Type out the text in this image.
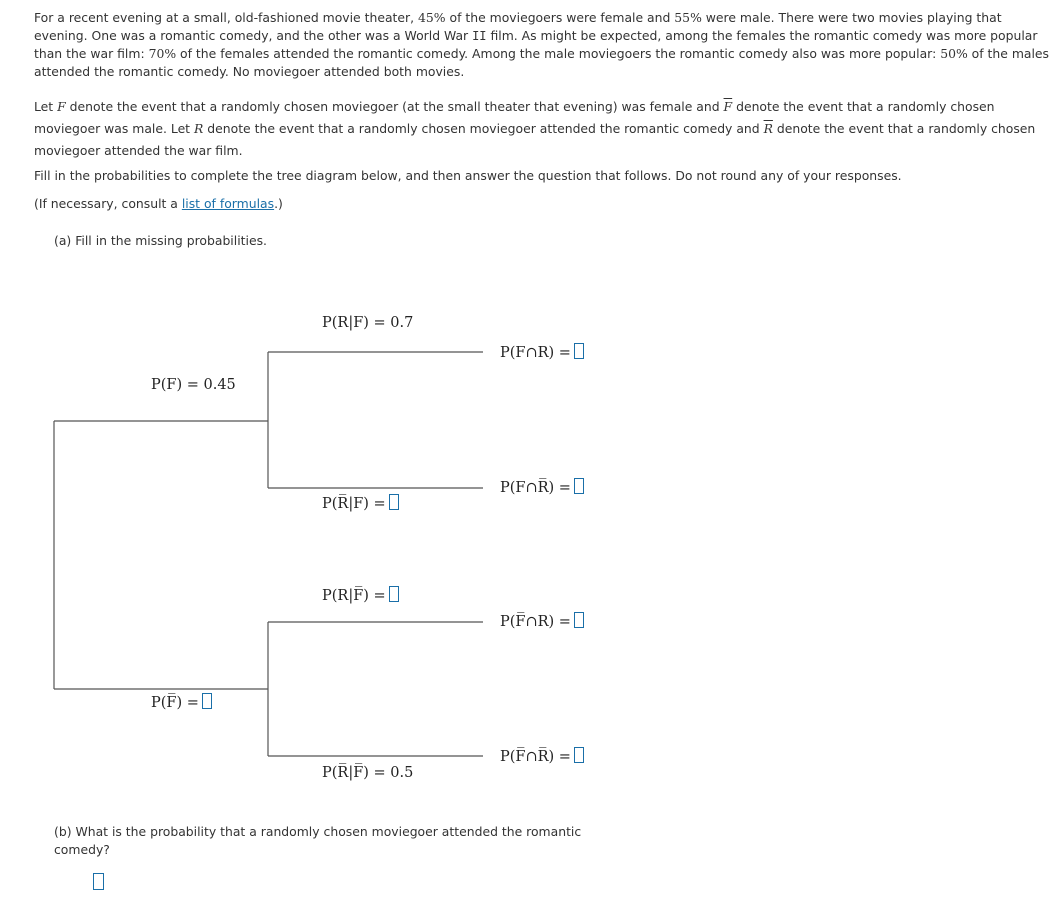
For a recent evening at a small, old-fashioned movie theater, 45% of the moviegoers were female and 55% were male. There were two movies playing that evening. One was a romantic comedy, and the other was a World War II film. As might be expected, among the females the romantic comedy was more popular than the war film: 70% of the females attended the romantic comedy. Among the male moviegoers the romantic comedy also was more popular: 50% of the males attended the romantic comedy. No moviegoer attended both movies.

Let F denote the event that a randomly chosen moviegoer (at the small theater that evening) was female and $\overline{F}$ denote the event that a randomly chosen moviegoer was male. Let R denote the event that a randomly chosen moviegoer attended the romantic comedy and $\overline{R}$ denote the event that a randomly chosen moviegoer attended the war film.

Fill in the probabilities to complete the tree diagram below, and then answer the question that follows. Do not round any of your responses.

(If necessary, consult a list of formulas.)

(a) Fill in the missing probabilities.

P(F) = 0.45
P(F̅) =
P(R|F) = 0.7
P(R̅|F) =
P(R|F̅) =
P(R̅|F̅) = 0.5
P(F∩R) =
P(F∩R̅) =
P(F̅∩R) =
P(F̅∩R̅) =

(b) What is the probability that a randomly chosen moviegoer attended the romantic comedy?
